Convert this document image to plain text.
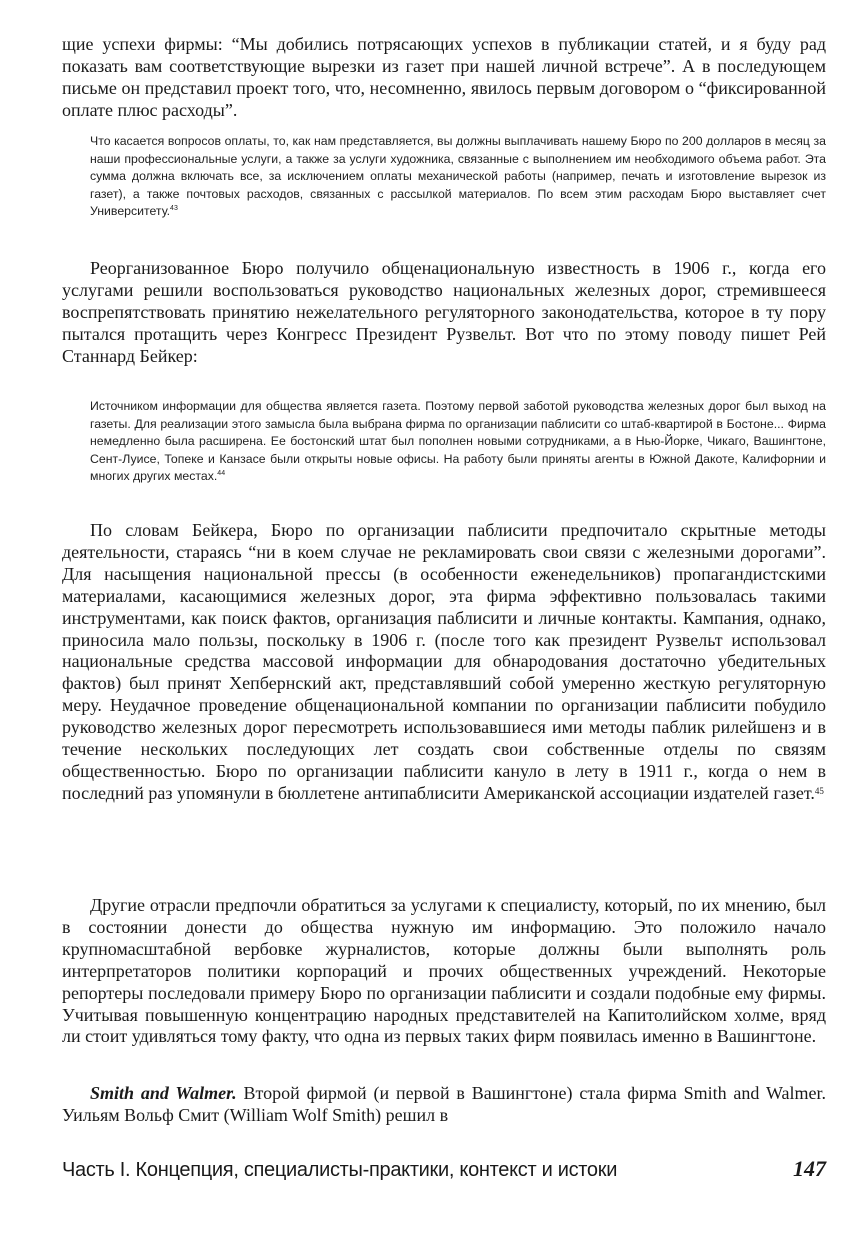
щие успехи фирмы: “Мы добились потрясающих успехов в публикации статей, и я буду рад показать вам соответствующие вырезки из газет при нашей личной встрече”. А в последующем письме он представил проект того, что, несомненно, явилось первым договором о “фиксированной оплате плюс расходы”.

Что касается вопросов оплаты, то, как нам представляется, вы должны выплачивать нашему Бюро по 200 долларов в месяц за наши профессиональные услуги, а также за услуги художника, связанные с выполнением им необходимого объема работ. Эта сумма должна включать все, за исключением оплаты механической работы (например, печать и изготовление вырезок из газет), а также почтовых расходов, связанных с рассылкой материалов. По всем этим расходам Бюро выставляет счет Университету.$^{43}$

Реорганизованное Бюро получило общенациональную известность в 1906 г., когда его услугами решили воспользоваться руководство национальных железных дорог, стремившееся воспрепятствовать принятию нежелательного регуляторного законодательства, которое в ту пору пытался протащить через Конгресс Президент Рузвельт. Вот что по этому поводу пишет Рей Станнард Бейкер:

Источником информации для общества является газета. Поэтому первой заботой руководства железных дорог был выход на газеты. Для реализации этого замысла была выбрана фирма по организации паблисити со штаб-квартирой в Бостоне... Фирма немедленно была расширена. Ее бостонский штат был пополнен новыми сотрудниками, а в Нью-Йорке, Чикаго, Вашингтоне, Сент-Луисе, Топеке и Канзасе были открыты новые офисы. На работу были приняты агенты в Южной Дакоте, Калифорнии и многих других местах.$^{44}$

По словам Бейкера, Бюро по организации паблисити предпочитало скрытные методы деятельности, стараясь “ни в коем случае не рекламировать свои связи с железными дорогами”. Для насыщения национальной прессы (в особенности еженедельников) пропагандистскими материалами, касающимися железных дорог, эта фирма эффективно пользовалась такими инструментами, как поиск фактов, организация паблисити и личные контакты. Кампания, однако, приносила мало пользы, поскольку в 1906 г. (после того как президент Рузвельт использовал национальные средства массовой информации для обнародования достаточно убедительных фактов) был принят Хепбернский акт, представлявший собой умеренно жесткую регуляторную меру. Неудачное проведение общенациональной компании по организации паблисити побудило руководство железных дорог пересмотреть использовавшиеся ими методы паблик рилейшенз и в течение нескольких последующих лет создать свои собственные отделы по связям общественностью. Бюро по организации паблисити кануло в лету в 1911 г., когда о нем в последний раз упомянули в бюллетене антипаблисити Американской ассоциации издателей газет.$^{45}$

Другие отрасли предпочли обратиться за услугами к специалисту, который, по их мнению, был в состоянии донести до общества нужную им информацию. Это положило начало крупномасштабной вербовке журналистов, которые должны были выполнять роль интерпретаторов политики корпораций и прочих общественных учреждений. Некоторые репортеры последовали примеру Бюро по организации паблисити и создали подобные ему фирмы. Учитывая повышенную концентрацию народных представителей на Капитолийском холме, вряд ли стоит удивляться тому факту, что одна из первых таких фирм появилась именно в Вашингтоне.

Smith and Walmer. Второй фирмой (и первой в Вашингтоне) стала фирма Smith and Walmer. Уильям Вольф Смит (William Wolf Smith) решил в

Часть I. Концепция, специалисты-практики, контекст и истоки	147
